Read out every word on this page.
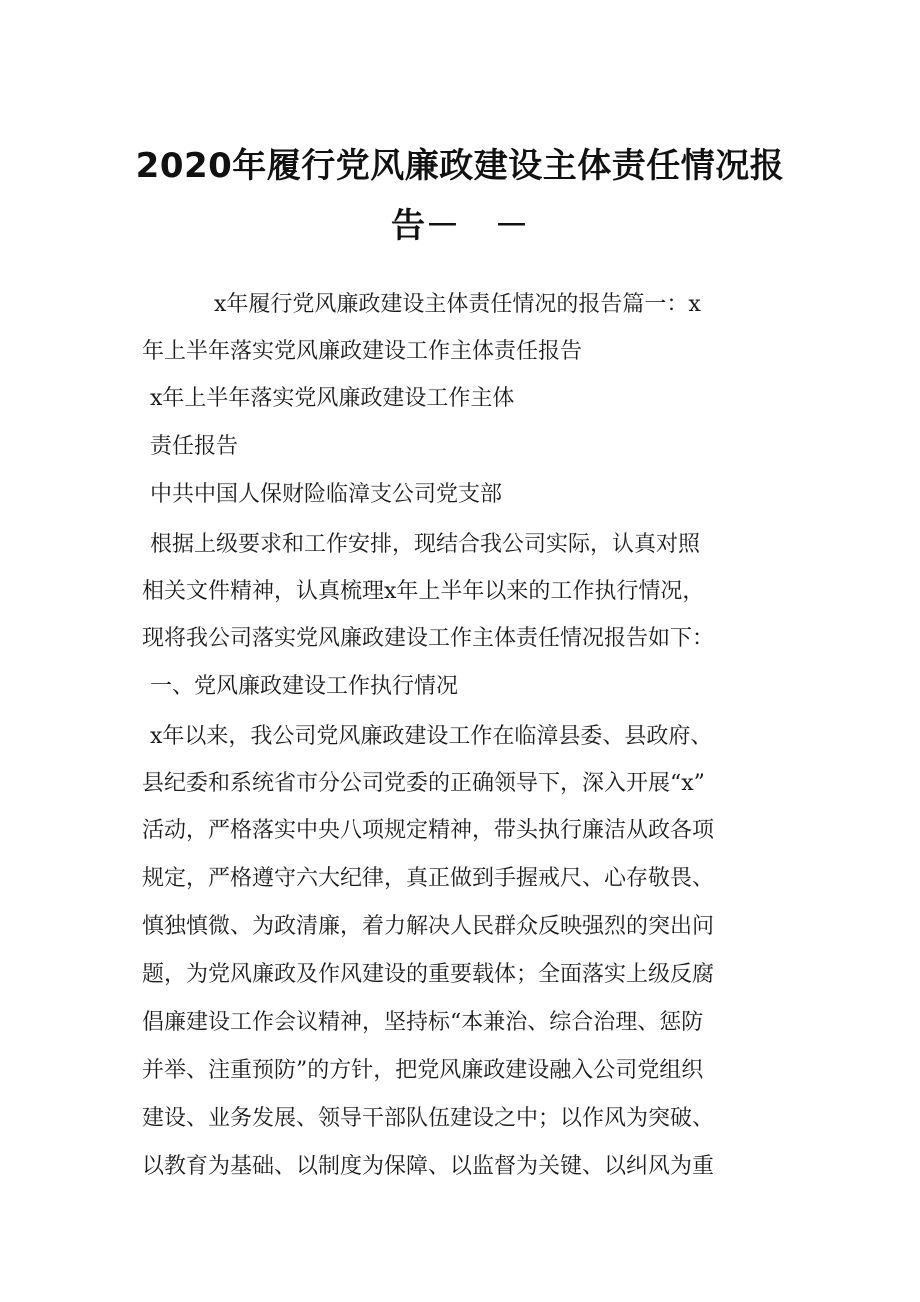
2020年履行党风廉政建设主体责任情况报
告－　－
x年履行党风廉政建设主体责任情况的报告篇一：x
年上半年落实党风廉政建设工作主体责任报告
x年上半年落实党风廉政建设工作主体
责任报告
中共中国人保财险临漳支公司党支部
根据上级要求和工作安排，现结合我公司实际，认真对照
相关文件精神，认真梳理x年上半年以来的工作执行情况，
现将我公司落实党风廉政建设工作主体责任情况报告如下：
一、党风廉政建设工作执行情况
x年以来，我公司党风廉政建设工作在临漳县委、县政府、
县纪委和系统省市分公司党委的正确领导下，深入开展“x”
活动，严格落实中央八项规定精神，带头执行廉洁从政各项
规定，严格遵守六大纪律，真正做到手握戒尺、心存敬畏、
慎独慎微、为政清廉，着力解决人民群众反映强烈的突出问
题，为党风廉政及作风建设的重要载体；全面落实上级反腐
倡廉建设工作会议精神，坚持标“本兼治、综合治理、惩防
并举、注重预防”的方针，把党风廉政建设融入公司党组织
建设、业务发展、领导干部队伍建设之中；以作风为突破、
以教育为基础、以制度为保障、以监督为关键、以纠风为重
